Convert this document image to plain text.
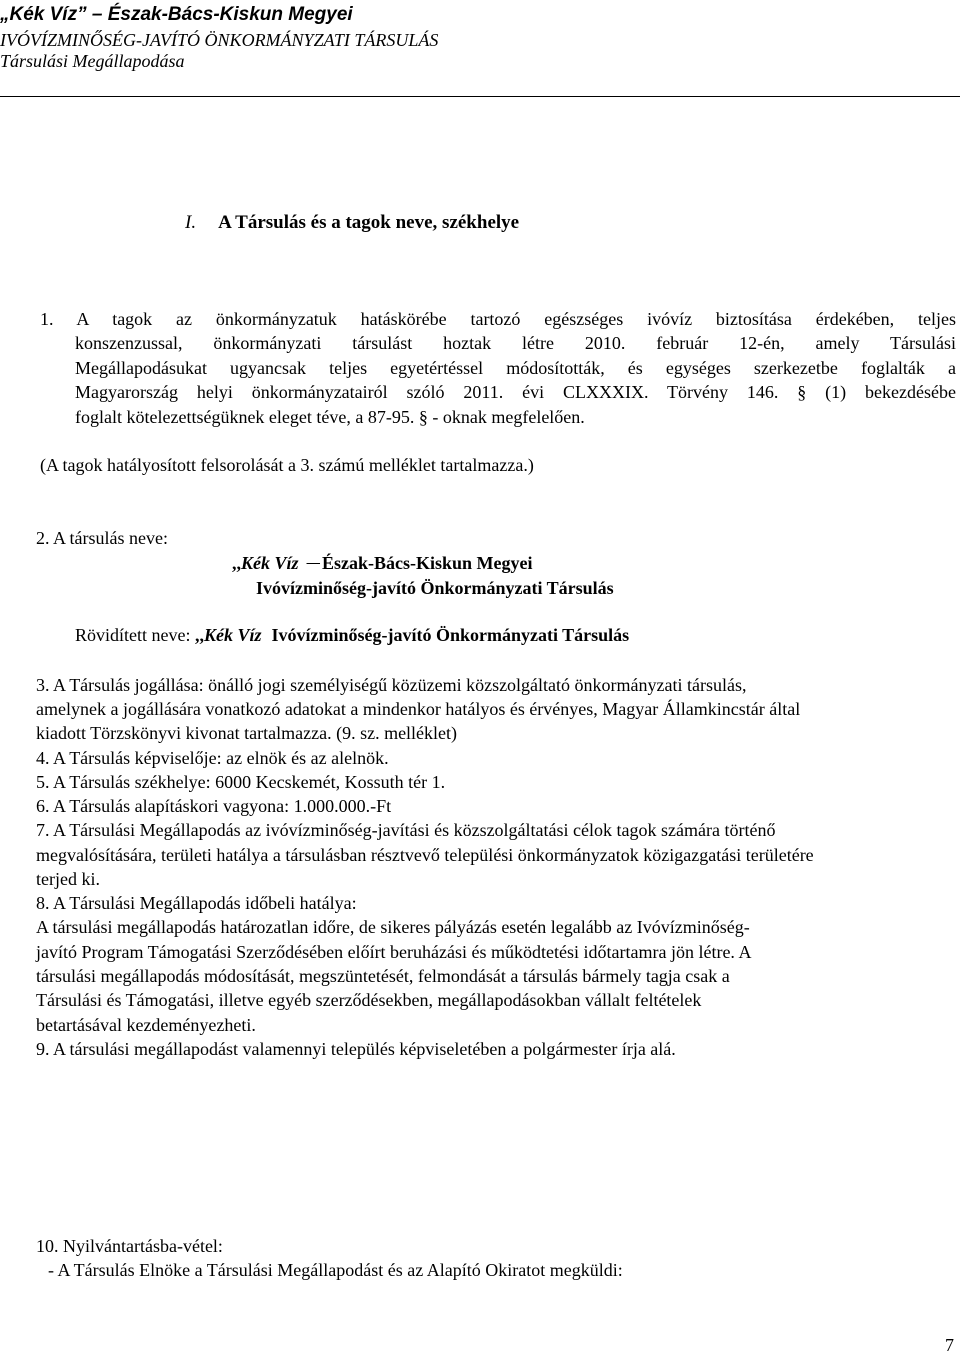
„Kék Víz” – Észak-Bács-Kiskun Megyei
IVÓVÍZMINŐSÉG-JAVÍTÓ ÖNKORMÁNYZATI TÁRSULÁS
Társulási Megállapodása
I. A Társulás és a tagok neve, székhelye
1. A tagok az önkormányzatuk hatáskörébe tartozó egészséges ivóvíz biztosítása érdekében, teljes
konszenzussal, önkormányzati társulást hoztak létre 2010. február 12-én, amely Társulási
Megállapodásukat ugyancsak teljes egyetértéssel módosították, és egységes szerkezetbe foglalták a
Magyarország helyi önkormányzatairól szóló 2011. évi CLXXXIX. Törvény 146. § (1) bekezdésébe
foglalt kötelezettségüknek eleget téve, a 87-95. § - oknak megfelelően.
(A tagok hatályosított felsorolását a 3. számú melléklet tartalmazza.)
2. A társulás neve:
,,Kék Víz Észak-Bács-Kiskun Megyei
Ivóvízminőség-javító Önkormányzati Társulás
Rövidített neve: ,,Kék Víz Ivóvízminőség-javító Önkormányzati Társulás
3. A Társulás jogállása: önálló jogi személyiségű közüzemi közszolgáltató önkormányzati társulás,
amelynek a jogállására vonatkozó adatokat a mindenkor hatályos és érvényes, Magyar Államkincstár által
kiadott Törzskönyvi kivonat tartalmazza. (9. sz. melléklet)
4. A Társulás képviselője: az elnök és az alelnök.
5. A Társulás székhelye: 6000 Kecskemét, Kossuth tér 1.
6. A Társulás alapításkori vagyona: 1.000.000.-Ft
7. A Társulási Megállapodás az ivóvízminőség-javítási és közszolgáltatási célok tagok számára történő
megvalósítására, területi hatálya a társulásban résztvevő települési önkormányzatok közigazgatási területére
terjed ki.
8. A Társulási Megállapodás időbeli hatálya:
A társulási megállapodás határozatlan időre, de sikeres pályázás esetén legalább az Ivóvízminőség-
javító Program Támogatási Szerződésében előírt beruházási és működtetési időtartamra jön létre. A
társulási megállapodás módosítását, megszüntetését, felmondását a társulás bármely tagja csak a
Társulási és Támogatási, illetve egyéb szerződésekben, megállapodásokban vállalt feltételek
betartásával kezdeményezheti.
9. A társulási megállapodást valamennyi település képviseletében a polgármester írja alá.
10. Nyilvántartásba-vétel:
- A Társulás Elnöke a Társulási Megállapodást és az Alapító Okiratot megküldi:
7
